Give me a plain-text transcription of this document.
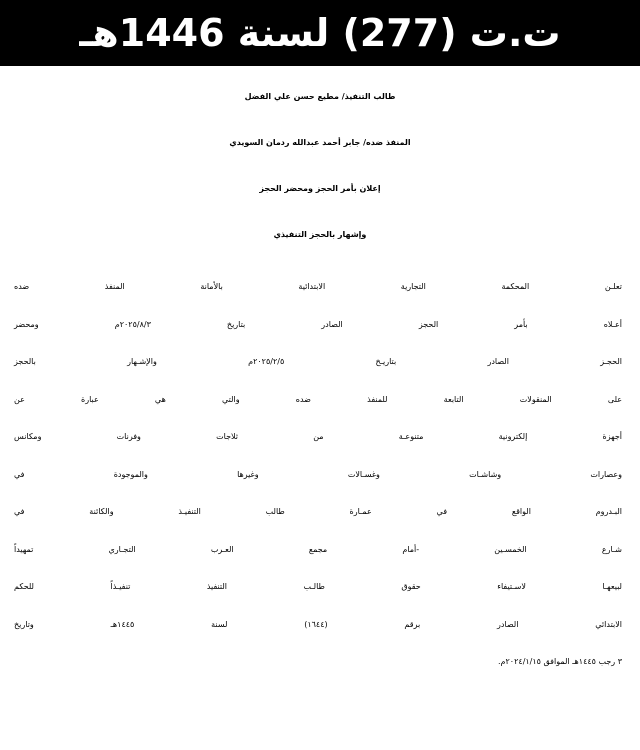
ت.ت (277) لسنة 1446هـ
طالب التنفيذ/ مطيع حسن علي الفضل
المنفذ ضده/ جابر أحمد عبدالله ردمان السويدي
إعلان بأمر الحجز ومحضر الحجز
وإشهار بالحجز التنفيذي
تعلـن المحكمة التجارية الابتدائية بالأمانة المنفذ ضده
أعـلاه بأمر الحجز الصادر بتاريخ ٢٠٢٥/٨/٣م ومحضر
الحجـز الصادر بتاريـخ ٢٠٢٥/٢/٥م والإشـهار بالحجز
على المنقولات التابعة للمنفذ ضده والتي هي عبارة عن
أجهزة إلكترونية متنوعـة من ثلاجات وفرنات ومكانس
وعصارات وشاشـات وغسـالات وغيرها والموجودة في
البـدروم الواقع في عمـارة طالب التنفيـذ والكائنة في
شـارع الخمسـين -أمام مجمع العـرب التجـاري تمهيداً
لبيعهـا لاسـتيفاء حقوق طالـب التنفيذ تنفيـذاً للحكم
الابتدائي الصادر برقم (١٦٤٤) لسنة ١٤٤٥هـ وتاريخ
٣ رجب ١٤٤٥هـ الموافق ٢٠٢٤/١/١٥م.
